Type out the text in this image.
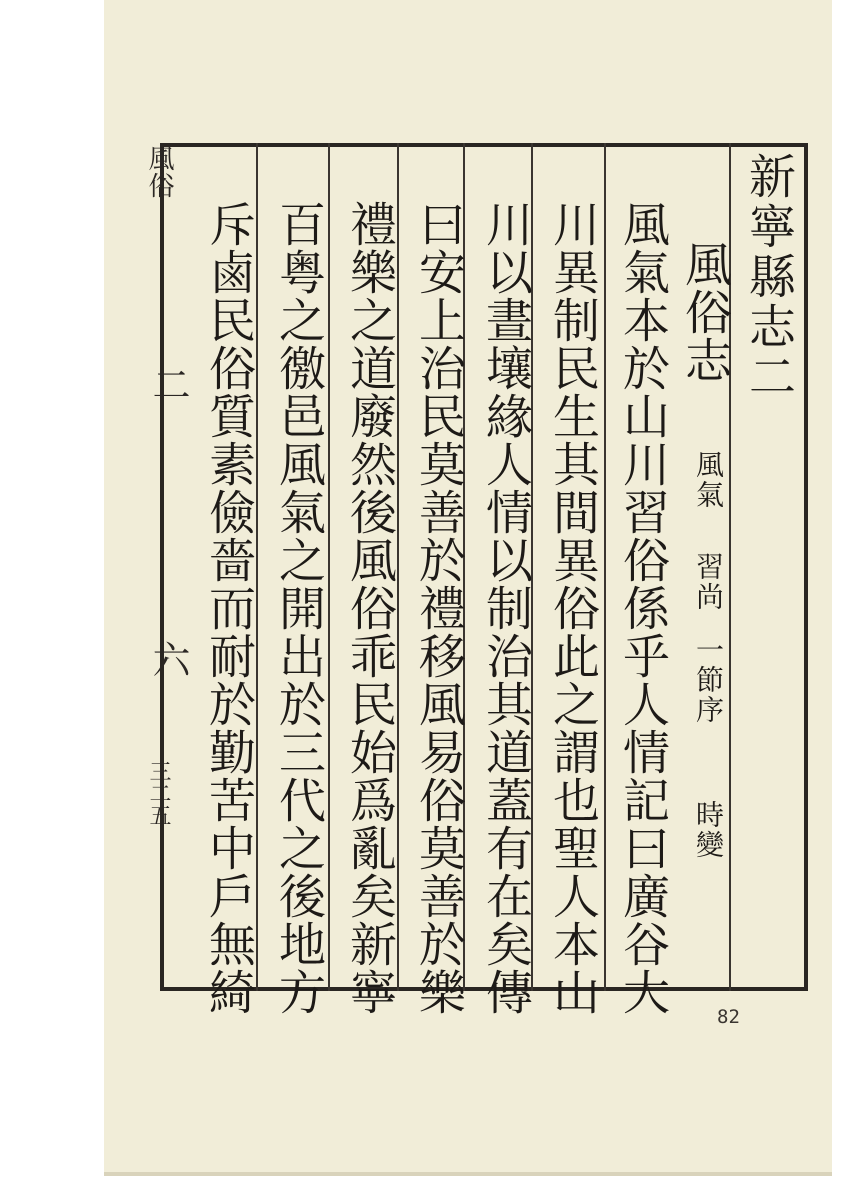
風俗
二
六
三二五
新寧縣志二
風俗志
風氣
習尚
一節序
時變
風氣本於山川習俗係乎人情記曰廣谷大
川異制民生其間異俗此之謂也聖人本山
川以晝壤緣人情以制治其道蓋有在矣傳
曰安上治民莫善於禮移風易俗莫善於樂
禮樂之道廢然後風俗乖民始爲亂矣新寧
百粤之徼邑風氣之開出於三代之後地方
斥鹵民俗質素儉嗇而耐於勤苦中戶無綺
82
